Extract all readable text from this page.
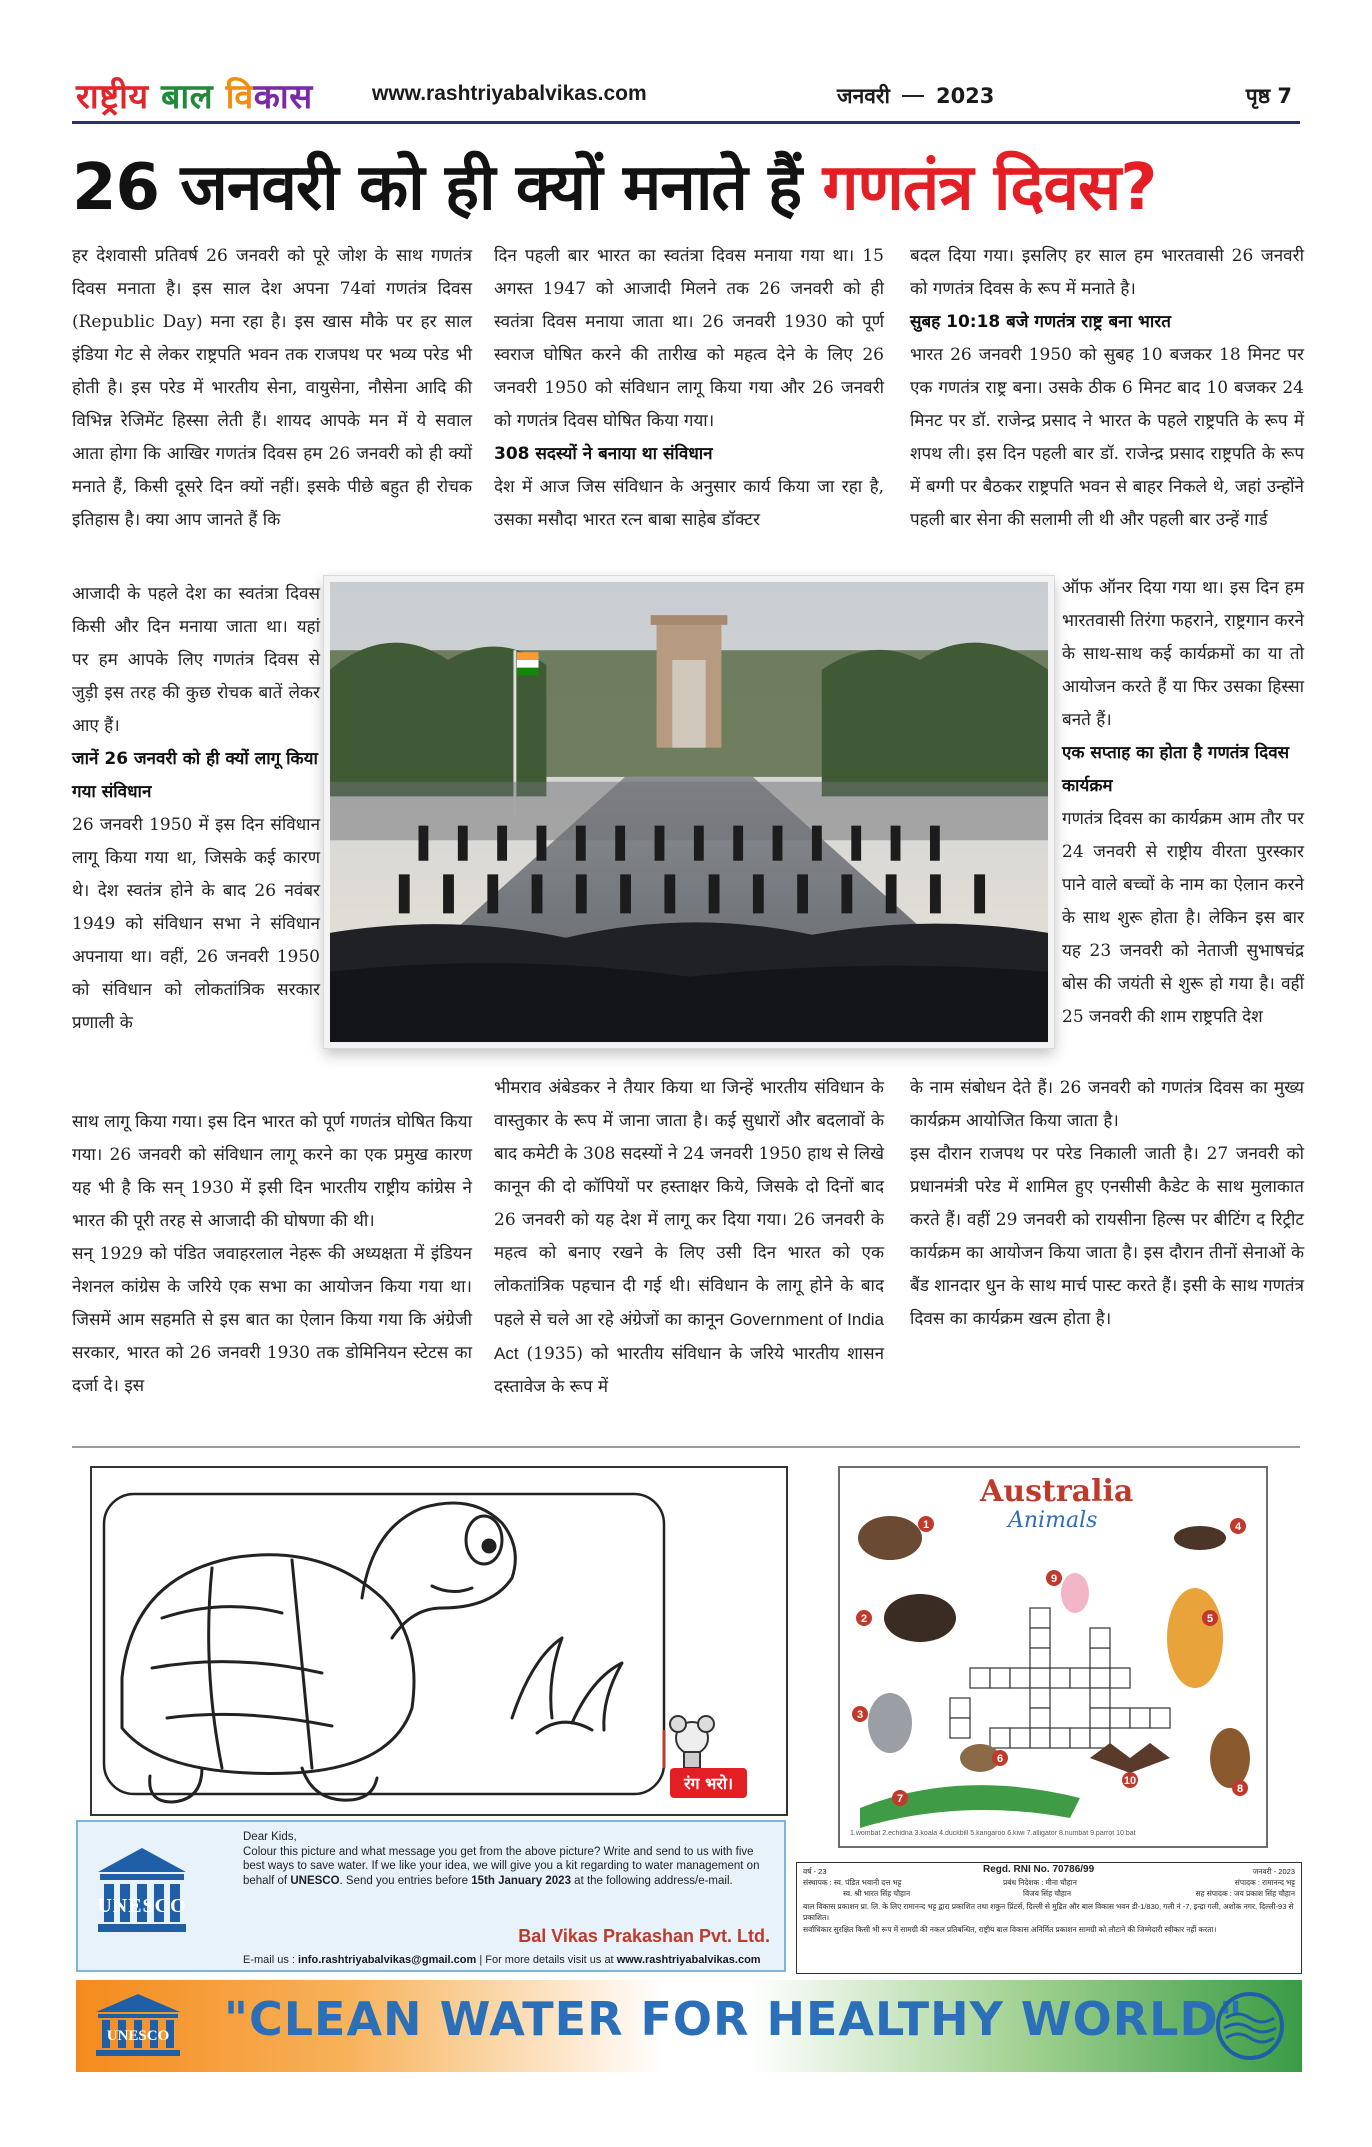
राष्ट्रीय बाल विकास	www.rashtriyabalvikas.com	जनवरी 2023	पृष्ठ 7
26 जनवरी को ही क्यों मनाते हैं गणतंत्र दिवस?

हर देशवासी प्रतिवर्ष 26 जनवरी को पूरे जोश के साथ गणतंत्र दिवस मनाता है। इस साल देश अपना 74वां गणतंत्र दिवस (Republic Day) मना रहा है। इस खास मौके पर हर साल इंडिया गेट से लेकर राष्ट्रपति भवन तक राजपथ पर भव्य परेड भी होती है। इस परेड में भारतीय सेना, वायुसेना, नौसेना आदि की विभिन्न रेजिमेंट हिस्सा लेती हैं। शायद आपके मन में ये सवाल आता होगा कि आखिर गणतंत्र दिवस हम 26 जनवरी को ही क्यों मनाते हैं, किसी दूसरे दिन क्यों नहीं। इसके पीछे बहुत ही रोचक इतिहास है। क्या आप जानते हैं कि

आजादी के पहले देश का स्वतंत्रा दिवस किसी और दिन मनाया जाता था। यहां पर हम आपके लिए गणतंत्र दिवस से जुड़ी इस तरह की कुछ रोचक बातें लेकर आए हैं।

जानें 26 जनवरी को ही क्यों लागू किया गया संविधान

26 जनवरी 1950 में इस दिन संविधान लागू किया गया था, जिसके कई कारण थे। देश स्वतंत्र होने के बाद 26 नवंबर 1949 को संविधान सभा ने संविधान अपनाया था। वहीं, 26 जनवरी 1950 को संविधान को लोकतांत्रिक सरकार प्रणाली के

साथ लागू किया गया। इस दिन भारत को पूर्ण गणतंत्र घोषित किया गया। 26 जनवरी को संविधान लागू करने का एक प्रमुख कारण यह भी है कि सन् 1930 में इसी दिन भारतीय राष्ट्रीय कांग्रेस ने भारत की पूरी तरह से आजादी की घोषणा की थी।

सन् 1929 को पंडित जवाहरलाल नेहरू की अध्यक्षता में इंडियन नेशनल कांग्रेस के जरिये एक सभा का आयोजन किया गया था। जिसमें आम सहमति से इस बात का ऐलान किया गया कि अंग्रेजी सरकार, भारत को 26 जनवरी 1930 तक डोमिनियन स्टेटस का दर्जा दे। इस

दिन पहली बार भारत का स्वतंत्रा दिवस मनाया गया था। 15 अगस्त 1947 को आजादी मिलने तक 26 जनवरी को ही स्वतंत्रा दिवस मनाया जाता था। 26 जनवरी 1930 को पूर्ण स्वराज घोषित करने की तारीख को महत्व देने के लिए 26 जनवरी 1950 को संविधान लागू किया गया और 26 जनवरी को गणतंत्र दिवस घोषित किया गया।

308 सदस्यों ने बनाया था संविधान

देश में आज जिस संविधान के अनुसार कार्य किया जा रहा है, उसका मसौदा भारत रत्न बाबा साहेब डॉक्टर

भीमराव अंबेडकर ने तैयार किया था जिन्हें भारतीय संविधान के वास्तुकार के रूप में जाना जाता है। कई सुधारों और बदलावों के बाद कमेटी के 308 सदस्यों ने 24 जनवरी 1950 हाथ से लिखे कानून की दो कॉपियों पर हस्ताक्षर किये, जिसके दो दिनों बाद 26 जनवरी को यह देश में लागू कर दिया गया। 26 जनवरी के महत्व को बनाए रखने के लिए उसी दिन भारत को एक लोकतांत्रिक पहचान दी गई थी। संविधान के लागू होने के बाद पहले से चले आ रहे अंग्रेजों का कानून Government of India Act (1935) को भारतीय संविधान के जरिये भारतीय शासन दस्तावेज के रूप में

बदल दिया गया। इसलिए हर साल हम भारतवासी 26 जनवरी को गणतंत्र दिवस के रूप में मनाते है।

सुबह 10:18 बजे गणतंत्र राष्ट्र बना भारत

भारत 26 जनवरी 1950 को सुबह 10 बजकर 18 मिनट पर एक गणतंत्र राष्ट्र बना। उसके ठीक 6 मिनट बाद 10 बजकर 24 मिनट पर डॉ. राजेन्द्र प्रसाद ने भारत के पहले राष्ट्रपति के रूप में शपथ ली। इस दिन पहली बार डॉ. राजेन्द्र प्रसाद राष्ट्रपति के रूप में बग्गी पर बैठकर राष्ट्रपति भवन से बाहर निकले थे, जहां उन्होंने पहली बार सेना की सलामी ली थी और पहली बार उन्हें गार्ड

ऑफ ऑनर दिया गया था। इस दिन हम भारतवासी तिरंगा फहराने, राष्ट्रगान करने के साथ-साथ कई कार्यक्रमों का या तो आयोजन करते हैं या फिर उसका हिस्सा बनते हैं।

एक सप्ताह का होता है गणतंत्र दिवस कार्यक्रम

गणतंत्र दिवस का कार्यक्रम आम तौर पर 24 जनवरी से राष्ट्रीय वीरता पुरस्कार पाने वाले बच्चों के नाम का ऐलान करने के साथ शुरू होता है। लेकिन इस बार यह 23 जनवरी को नेताजी सुभाषचंद्र बोस की जयंती से शुरू हो गया है। वहीं 25 जनवरी की शाम राष्ट्रपति देश

के नाम संबोधन देते हैं। 26 जनवरी को गणतंत्र दिवस का मुख्य कार्यक्रम आयोजित किया जाता है।

इस दौरान राजपथ पर परेड निकाली जाती है। 27 जनवरी को प्रधानमंत्री परेड में शामिल हुए एनसीसी कैडेट के साथ मुलाकात करते हैं। वहीं 29 जनवरी को रायसीना हिल्स पर बीटिंग द रिट्रीट कार्यक्रम का आयोजन किया जाता है। इस दौरान तीनों सेनाओं के बैंड शानदार धुन के साथ मार्च पास्ट करते हैं। इसी के साथ गणतंत्र दिवस का कार्यक्रम खत्म होता है।

रंग भरो।
1
2
3
4
5
6
7
8
9
10
Australia
Animals
1.wombat 2.echidna 3.koala 4.duckbill 5.kangaroo 6.kiwi 7.alligator 8.numbat 9.parrot 10.bat
UNESCO
Dear Kids,
Colour this picture and what message you get from the above picture? Write and send to us with five best ways to save water. If we like your idea, we will give you a kit regarding to water management on behalf of UNESCO. Send you entries before 15th January 2023 at the following address/e-mail.
Bal Vikas Prakashan Pvt. Ltd.
E-mail us : info.rashtriyabalvikas@gmail.com | For more details visit us at www.rashtriyabalvikas.com
वर्ष - 23	Regd. RNI No. 70786/99	जनवरी - 2023
संस्थापक : स्व. पंडित भवानी दत्त भट्ट	प्रबंध निदेशक : मीना चौहान	संपादक : रामानन्द भट्ट
स्व. श्री भारत सिंह चौहान	विजय सिंह चौहान	सह संपादक : जय प्रकाश सिंह चौहान
बाल विकास प्रकाशन प्रा. लि. के लिए रामानन्द भट्ट द्वारा प्रकाशित तथा शकुन प्रिंटर्स, दिल्ली से मुद्रित और बाल विकास भवन डी-1/830, गली नं -7, इन्द्रा गली, अशोक नगर, दिल्ली-93 से प्रकाशित।
सर्वाधिकार सुरक्षित किसी भी रूप में सामग्री की नकल प्रतिबन्धित, राष्ट्रीय बाल विकास अनिर्मित प्रकाशन सामग्री को लौटाने की जिम्मेदारी स्वीकार नहीं करता।
UNESCO "CLEAN WATER FOR HEALTHY WORLD"
